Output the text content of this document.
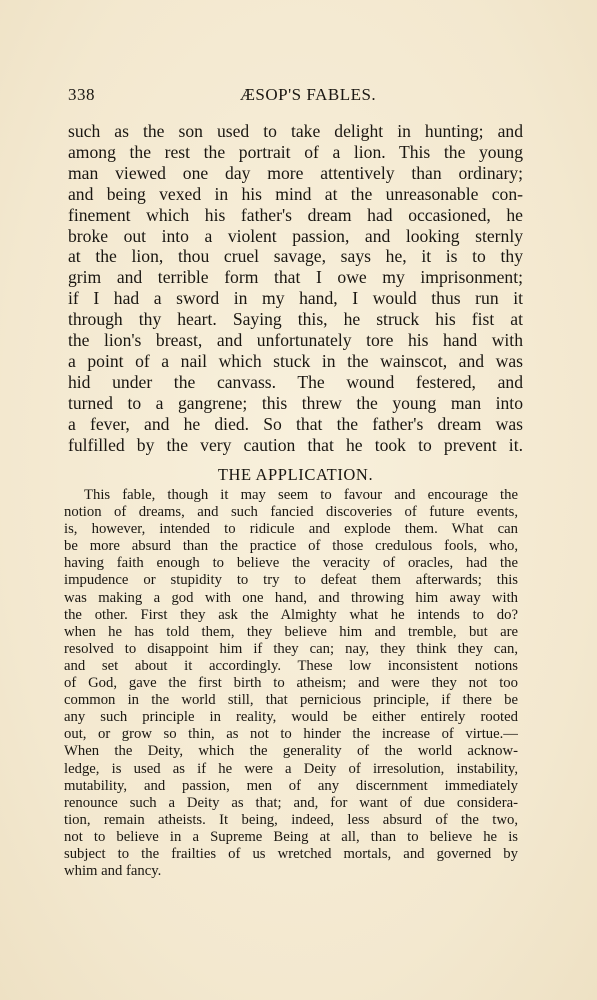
338	ÆSOP'S FABLES.
such as the son used to take delight in hunting; and
among the rest the portrait of a lion. This the young
man viewed one day more attentively than ordinary;
and being vexed in his mind at the unreasonable con-
finement which his father's dream had occasioned, he
broke out into a violent passion, and looking sternly
at the lion, thou cruel savage, says he, it is to thy
grim and terrible form that I owe my imprisonment;
if I had a sword in my hand, I would thus run it
through thy heart. Saying this, he struck his fist at
the lion's breast, and unfortunately tore his hand with
a point of a nail which stuck in the wainscot, and was
hid under the canvass. The wound festered, and
turned to a gangrene; this threw the young man into
a fever, and he died. So that the father's dream was
fulfilled by the very caution that he took to prevent it.
THE APPLICATION.
This fable, though it may seem to favour and encourage the
notion of dreams, and such fancied discoveries of future events,
is, however, intended to ridicule and explode them. What can
be more absurd than the practice of those credulous fools, who,
having faith enough to believe the veracity of oracles, had the
impudence or stupidity to try to defeat them afterwards; this
was making a god with one hand, and throwing him away with
the other. First they ask the Almighty what he intends to do?
when he has told them, they believe him and tremble, but are
resolved to disappoint him if they can; nay, they think they can,
and set about it accordingly. These low inconsistent notions
of God, gave the first birth to atheism; and were they not too
common in the world still, that pernicious principle, if there be
any such principle in reality, would be either entirely rooted
out, or grow so thin, as not to hinder the increase of virtue.—
When the Deity, which the generality of the world acknow-
ledge, is used as if he were a Deity of irresolution, instability,
mutability, and passion, men of any discernment immediately
renounce such a Deity as that; and, for want of due considera-
tion, remain atheists. It being, indeed, less absurd of the two,
not to believe in a Supreme Being at all, than to believe he is
subject to the frailties of us wretched mortals, and governed by
whim and fancy.
